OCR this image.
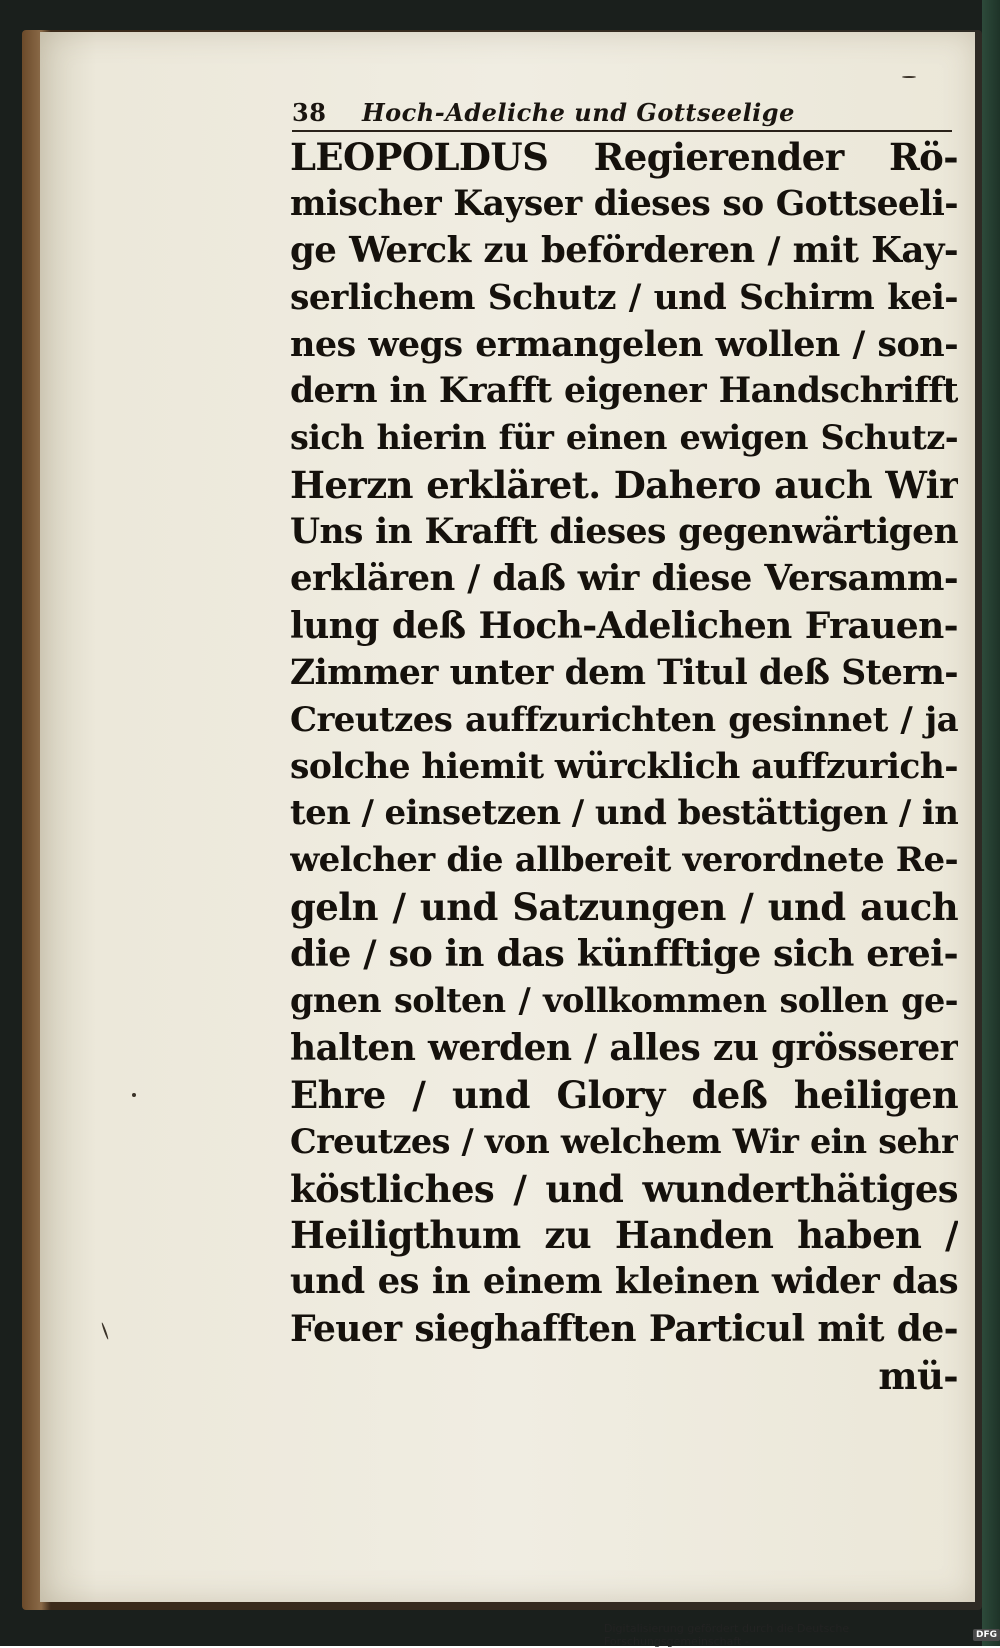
38 Hoch-Adeliche und Gottseelige
LEOPOLDUS Regierender Rö-
mischer Kayser dieses so Gottseeli-
ge Werck zu beförderen / mit Kay-
serlichem Schutz / und Schirm kei-
nes wegs ermangelen wollen / son-
dern in Krafft eigener Handschrifft
sich hierin für einen ewigen Schutz-
Herzn erkläret. Dahero auch Wir
Uns in Krafft dieses gegenwärtigen
erklären / daß wir diese Versamm-
lung deß Hoch-Adelichen Frauen-
Zimmer unter dem Titul deß Stern-
Creutzes auffzurichten gesinnet / ja
solche hiemit würcklich auffzurich-
ten / einsetzen / und bestättigen / in
welcher die allbereit verordnete Re-
geln / und Satzungen / und auch
die / so in das künfftige sich erei-
gnen solten / vollkommen sollen ge-
halten werden / alles zu grösserer
Ehre / und Glory deß heiligen
Creutzes / von welchem Wir ein sehr
köstliches / und wunderthätiges
Heiligthum zu Handen haben /
und es in einem kleinen wider das
Feuer sieghafften Particul mit de-
mü-
Digitalisierung gefördert durch die Deutsche Forschungsgemeinschaft -	DFG
